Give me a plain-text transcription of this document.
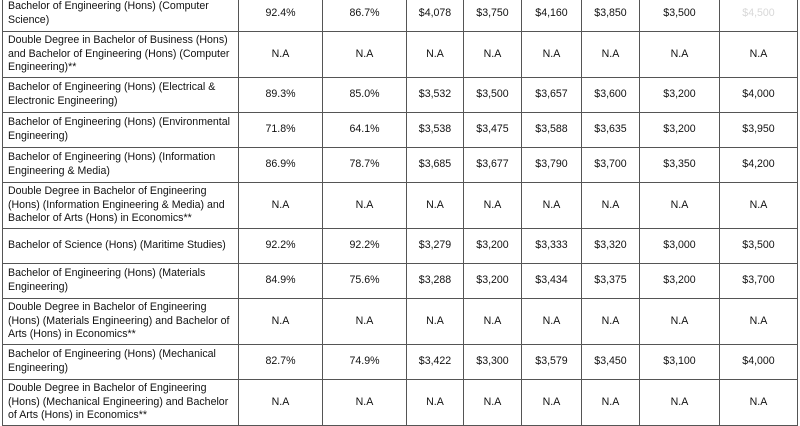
Bachelor of Engineering (Hons) (Computer Science)	92.4%	86.7%	$4,078	$3,750	$4,160	$3,850	$3,500	$4,500
Double Degree in Bachelor of Business (Hons) and Bachelor of Engineering (Hons) (Computer Engineering)**	N.A	N.A	N.A	N.A	N.A	N.A	N.A	N.A
Bachelor of Engineering (Hons) (Electrical & Electronic Engineering)	89.3%	85.0%	$3,532	$3,500	$3,657	$3,600	$3,200	$4,000
Bachelor of Engineering (Hons) (Environmental Engineering)	71.8%	64.1%	$3,538	$3,475	$3,588	$3,635	$3,200	$3,950
Bachelor of Engineering (Hons) (Information Engineering & Media)	86.9%	78.7%	$3,685	$3,677	$3,790	$3,700	$3,350	$4,200
Double Degree in Bachelor of Engineering (Hons) (Information Engineering & Media) and Bachelor of Arts (Hons) in Economics**	N.A	N.A	N.A	N.A	N.A	N.A	N.A	N.A
Bachelor of Science (Hons) (Maritime Studies)	92.2%	92.2%	$3,279	$3,200	$3,333	$3,320	$3,000	$3,500
Bachelor of Engineering (Hons) (Materials Engineering)	84.9%	75.6%	$3,288	$3,200	$3,434	$3,375	$3,200	$3,700
Double Degree in Bachelor of Engineering (Hons) (Materials Engineering) and Bachelor of Arts (Hons) in Economics**	N.A	N.A	N.A	N.A	N.A	N.A	N.A	N.A
Bachelor of Engineering (Hons) (Mechanical Engineering)	82.7%	74.9%	$3,422	$3,300	$3,579	$3,450	$3,100	$4,000
Double Degree in Bachelor of Engineering (Hons) (Mechanical Engineering) and Bachelor of Arts (Hons) in Economics**	N.A	N.A	N.A	N.A	N.A	N.A	N.A	N.A
